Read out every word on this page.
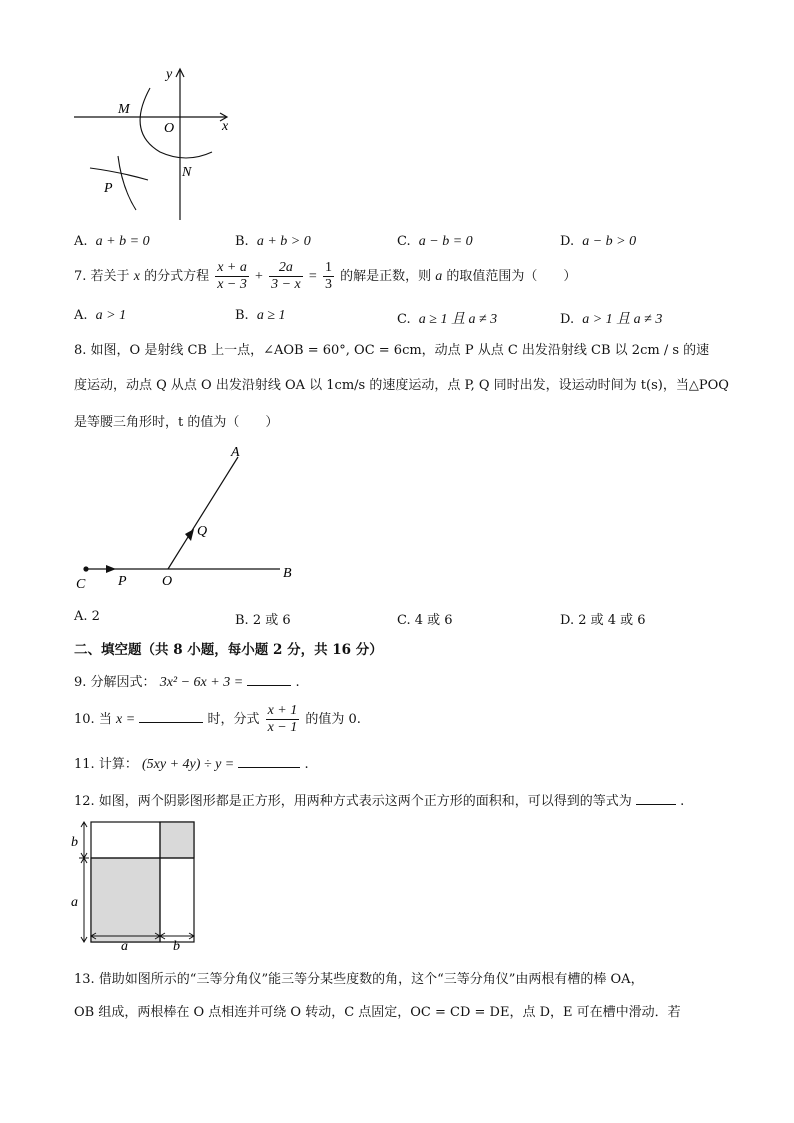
y
x
O
M
N
P
A. a + b = 0	B. a + b > 0	C. a − b = 0	D. a − b > 0
7. 若关于 x 的分式方程 $\frac{x + a}{x - 3} + \frac{2a}{3 - x} = \frac{1}{3}$ 的解是正数，则 a 的取值范围为（　　）
A. a > 1	B. a ≥ 1	C. a ≥ 1 且 a ≠ 3	D. a > 1 且 a ≠ 3
8. 如图，O 是射线 CB 上一点，∠AOB = 60°, OC = 6cm，动点 P 从点 C 出发沿射线 CB 以 2cm / s 的速
度运动，动点 Q 从点 O 出发沿射线 OA 以 1cm/s 的速度运动，点 P, Q 同时出发，设运动时间为 t(s)，当△POQ
是等腰三角形时，t 的值为（　　）
A
Q
C P	O
B
A. 2	B. 2 或 6	C. 4 或 6	D. 2 或 4 或 6
二、填空题（共 8 小题，每小题 2 分，共 16 分）
9. 分解因式： 3x² − 6x + 3 =	.
10. 当 x =	时，分式 $\frac{x + 1}{x - 1}$ 的值为 0.
11. 计算： (5xy + 4y) ÷ y =	.
12. 如图，两个阴影图形都是正方形，用两种方式表示这两个正方形的面积和，可以得到的等式为	.
b
a
a	b
13. 借助如图所示的“三等分角仪”能三等分某些度数的角，这个“三等分角仪”由两根有槽的棒 OA，
OB 组成，两根棒在 O 点相连并可绕 O 转动，C 点固定，OC = CD = DE，点 D，E 可在槽中滑动．若
